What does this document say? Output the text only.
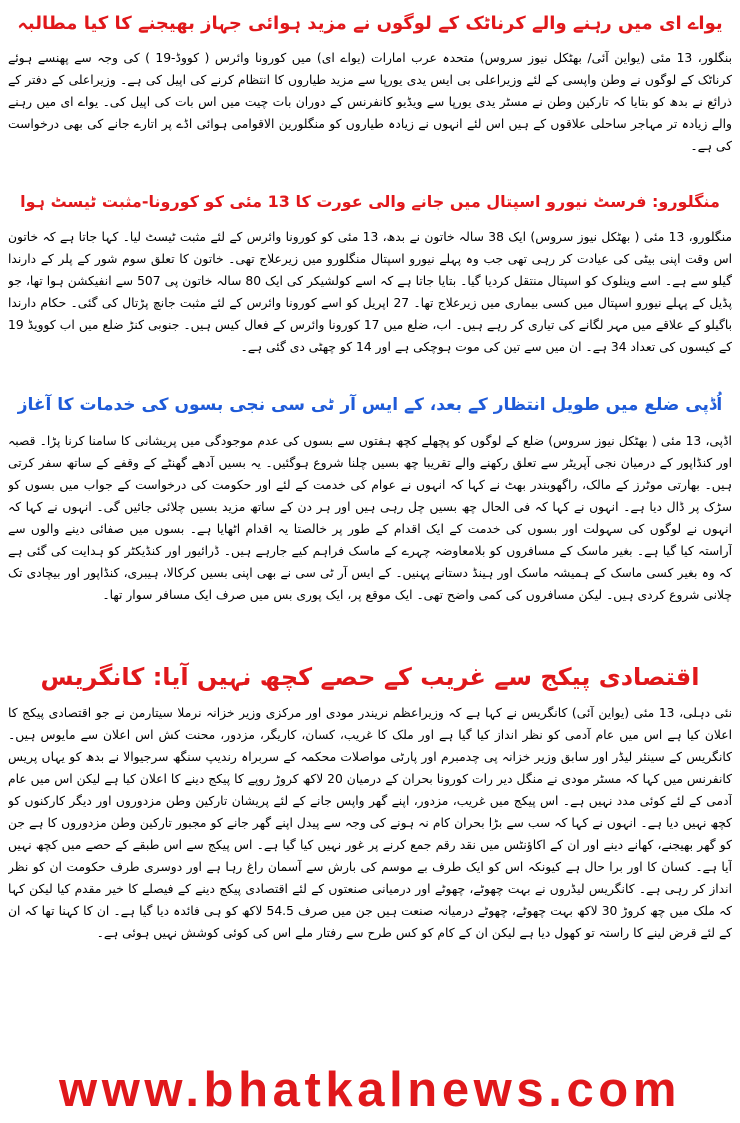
یواے ای میں رہنے والے کرناٹک کے لوگوں نے مزید ہوائی جہاز بھیجنے کا کیا مطالبہ
بنگلور، 13 مئی (یواین آئی/ بھٹکل نیوز سروس) متحدہ عرب امارات (یواے ای) میں کورونا وائرس ( کووڈ-19 ) کی وجہ سے پھنسے ہوئے کرناٹک کے لوگوں نے وطن واپسی کے لئے وزیراعلی بی ایس یدی یورپا سے مزید طیاروں کا انتظام کرنے کی اپیل کی ہے۔ وزیراعلی کے دفتر کے ذرائع نے بدھ کو بتایا کہ تارکین وطن نے مسٹر یدی یورپا سے ویڈیو کانفرنس کے دوران بات چیت میں اس بات کی اپیل کی۔ یواے ای میں رہنے والے زیادہ تر مہاجر ساحلی علاقوں کے ہیں اس لئے انہوں نے زیادہ طیاروں کو منگلورین الاقوامی ہوائی اڈے پر اتارے جانے کی بھی درخواست کی ہے۔
منگلورو: فرسٹ نیورو اسپتال میں جانے والی عورت کا 13 مئی کو کورونا-مثبت ٹیسٹ ہوا
منگلورو، 13 مئی ( بھٹکل نیوز سروس) ایک 38 سالہ خاتون نے بدھ، 13 مئی کو کورونا وائرس کے لئے مثبت ٹیسٹ لیا۔ کہا جاتا ہے کہ خاتون اس وقت اپنی بیٹی کی عیادت کر رہی تھی جب وہ پہلے نیورو اسپتال منگلورو میں زیرعلاج تھی۔ خاتون کا تعلق سوم شور کے پلر کے دارندا گیلو سے ہے۔ اسے وینلوک کو اسپتال منتقل کردیا گیا۔ بتایا جاتا ہے کہ اسے کولشیکر کی ایک 80 سالہ خاتون پی 507 سے انفیکشن ہوا تھا، جو پڈیل کے پہلے نیورو اسپتال میں کسی بیماری میں زیرعلاج تھا۔ 27 اپریل کو اسے کورونا وائرس کے لئے مثبت جانچ پڑتال کی گئی۔ حکام دارندا باگیلو کے علاقے میں مہر لگانے کی تیاری کر رہے ہیں۔ اب، ضلع میں 17 کورونا وائرس کے فعال کیس ہیں۔ جنوبی کنڑ ضلع میں اب کوویڈ 19 کے کیسوں کی تعداد 34 ہے۔ ان میں سے تین کی موت ہوچکی ہے اور 14 کو چھٹی دی گئی ہے۔
اُڈپی ضلع میں طویل انتظار کے بعد، کے ایس آر ٹی سی نجی بسوں کی خدمات کا آغاز
اڈپی، 13 مئی ( بھٹکل نیوز سروس) ضلع کے لوگوں کو پچھلے کچھ ہفتوں سے بسوں کی عدم موجودگی میں پریشانی کا سامنا کرنا پڑا۔ قصبہ اور کنڈاپور کے درمیان نجی آپریٹر سے تعلق رکھنے والے تقریبا چھ بسیں چلنا شروع ہوگئیں۔ یہ بسیں آدھے گھنٹے کے وقفے کے ساتھ سفر کرتی ہیں۔ بھارتی موٹرز کے مالک، راگھوبندر بھٹ نے کہا کہ انہوں نے عوام کی خدمت کے لئے اور حکومت کی درخواست کے جواب میں بسوں کو سڑک پر ڈال دیا ہے۔ انہوں نے کہا کہ فی الحال چھ بسیں چل رہی ہیں اور ہر دن کے ساتھ مزید بسیں چلائی جائیں گی۔ انہوں نے کہا کہ انہوں نے لوگوں کی سہولت اور بسوں کی خدمت کے ایک اقدام کے طور پر خالصتا یہ اقدام اٹھایا ہے۔ بسوں میں صفائی دینے والوں سے آراستہ کیا گیا ہے۔ بغیر ماسک کے مسافروں کو بلامعاوضہ چہرے کے ماسک فراہم کیے جارہے ہیں۔ ڈرائیور اور کنڈیکٹر کو ہدایت کی گئی ہے کہ وہ بغیر کسی ماسک کے ہمیشہ ماسک اور ہینڈ دستانے پہنیں۔ کے ایس آر ٹی سی نے بھی اپنی بسیں کرکالا، ہیبری، کنڈاپور اور بیچادی تک چلانی شروع کردی ہیں۔ لیکن مسافروں کی کمی واضح تھی۔ ایک موقع پر، ایک پوری بس میں صرف ایک مسافر سوار تھا۔
اقتصادی پیکج سے غریب کے حصے کچھ نہیں آیا: کانگریس
نئی دہلی، 13 مئی (یواین آئی) کانگریس نے کہا ہے کہ وزیراعظم نریندر مودی اور مرکزی وزیر خزانہ نرملا سیتارمن نے جو اقتصادی پیکج کا اعلان کیا ہے اس میں عام آدمی کو نظر انداز کیا گیا ہے اور ملک کا غریب، کسان، کاریگر، مزدور، محنت کش اس اعلان سے مایوس ہیں۔ کانگریس کے سینئر لیڈر اور سابق وزیر خزانہ پی چدمبرم اور پارٹی مواصلات محکمہ کے سربراہ رندیپ سنگھ سرجیوالا نے بدھ کو یہاں پریس کانفرنس میں کہا کہ مسٹر مودی نے منگل دیر رات کورونا بحران کے درمیان 20 لاکھ کروڑ روپے کا پیکج دینے کا اعلان کیا ہے لیکن اس میں عام آدمی کے لئے کوئی مدد نہیں ہے۔ اس پیکج میں غریب، مزدور، اپنے گھر واپس جانے کے لئے پریشان تارکین وطن مزدوروں اور دیگر کارکنوں کو کچھ نہیں دیا ہے۔ انہوں نے کہا کہ سب سے بڑا بحران کام نہ ہونے کی وجہ سے پیدل اپنے گھر جانے کو مجبور تارکین وطن مزدوروں کا ہے جن کو گھر بھیجنے، کھانے دینے اور ان کے اکاؤنٹس میں نقد رقم جمع کرنے پر غور نہیں کیا گیا ہے۔ اس پیکج سے اس طبقے کے حصے میں کچھ نہیں آیا ہے۔ کسان کا اور برا حال ہے کیونکہ اس کو ایک طرف بے موسم کی بارش سے آسمان راغ رہا ہے اور دوسری طرف حکومت ان کو نظر انداز کر رہی ہے۔ کانگریس لیڈروں نے بہت چھوٹے، چھوٹے اور درمیانی صنعتوں کے لئے اقتصادی پیکج دینے کے فیصلے کا خیر مقدم کیا لیکن کہا کہ ملک میں چھ کروڑ 30 لاکھ بہت چھوٹے، چھوٹے درمیانہ صنعت ہیں جن میں صرف 54.5 لاکھ کو ہی فائدہ دیا گیا ہے۔ ان کا کہنا تھا کہ ان کے لئے قرض لینے کا راستہ تو کھول دیا ہے لیکن ان کے کام کو کس طرح سے رفتار ملے اس کی کوئی کوشش نہیں ہوئی ہے۔
www.bhatkalnews.com
